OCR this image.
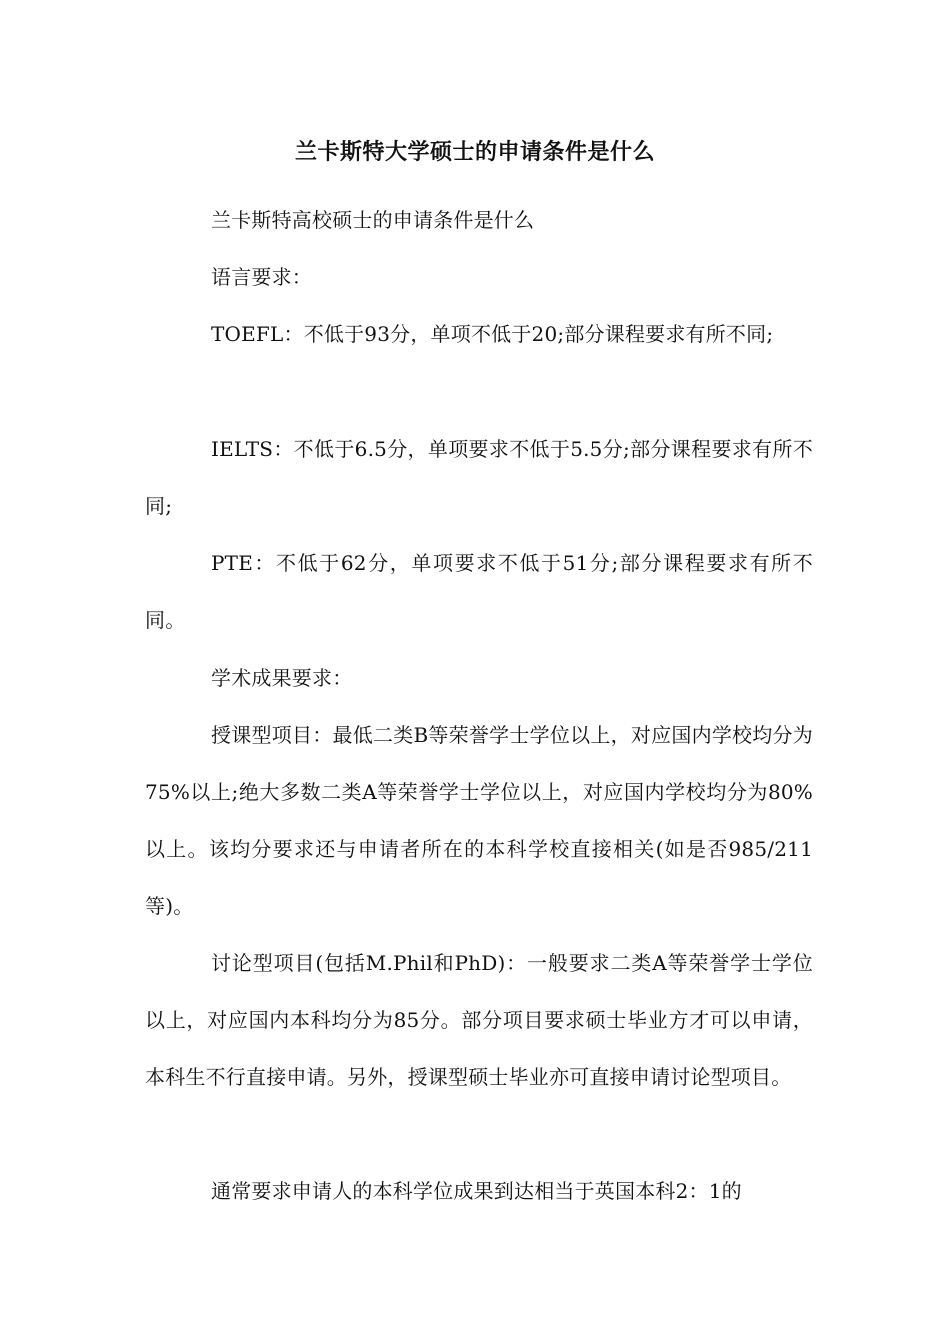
兰卡斯特大学硕士的申请条件是什么

兰卡斯特高校硕士的申请条件是什么

语言要求：

TOEFL：不低于93分，单项不低于20;部分课程要求有所不同;

IELTS：不低于6.5分，单项要求不低于5.5分;部分课程要求有所不同;

PTE：不低于62分，单项要求不低于51分;部分课程要求有所不同。

学术成果要求：

授课型项目：最低二类B等荣誉学士学位以上，对应国内学校均分为75%以上;绝大多数二类A等荣誉学士学位以上，对应国内学校均分为80%以上。该均分要求还与申请者所在的本科学校直接相关(如是否985/211等)。

讨论型项目(包括M.Phil和PhD)：一般要求二类A等荣誉学士学位以上，对应国内本科均分为85分。部分项目要求硕士毕业方才可以申请，本科生不行直接申请。另外，授课型硕士毕业亦可直接申请讨论型项目。

通常要求申请人的本科学位成果到达相当于英国本科2：1的
